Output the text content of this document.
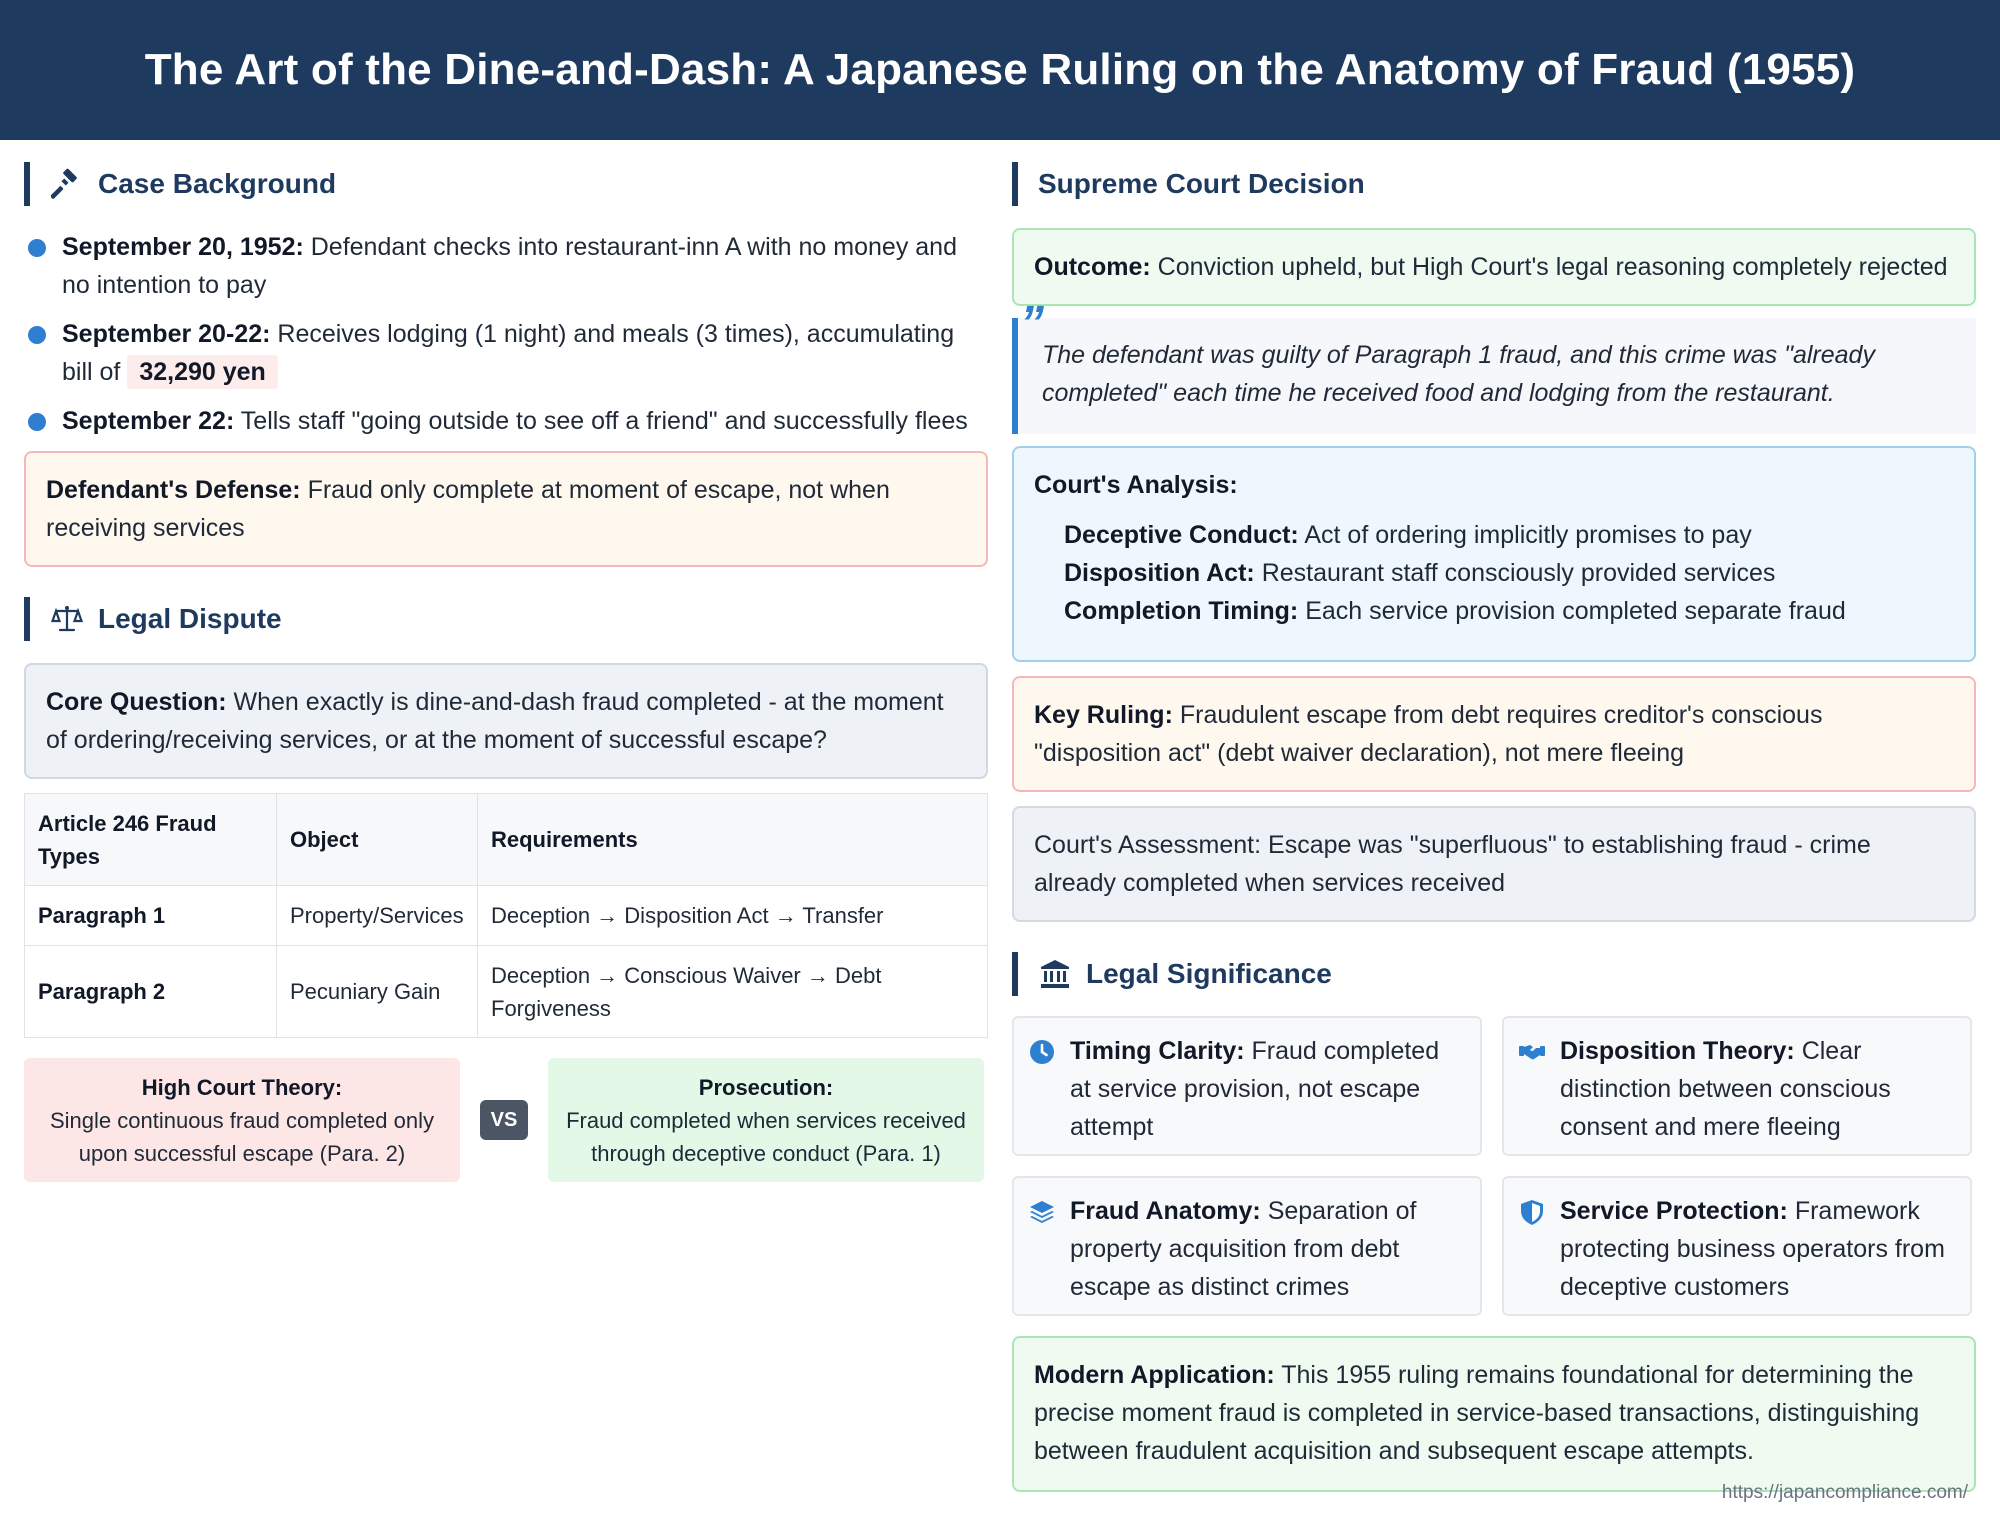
The Art of the Dine-and-Dash: A Japanese Ruling on the Anatomy of Fraud (1955)
Case Background
September 20, 1952: Defendant checks into restaurant-inn A with no money and no intention to pay
September 20-22: Receives lodging (1 night) and meals (3 times), accumulating bill of 32,290 yen
September 22: Tells staff "going outside to see off a friend" and successfully flees
Defendant's Defense: Fraud only complete at moment of escape, not when receiving services
Legal Dispute
Core Question: When exactly is dine-and-dash fraud completed - at the moment of ordering/receiving services, or at the moment of successful escape?
Article 246 Fraud Types	Object	Requirements
Paragraph 1	Property/Services	Deception → Disposition Act → Transfer
Paragraph 2	Pecuniary Gain	Deception → Conscious Waiver → Debt Forgiveness
High Court Theory:
Single continuous fraud completed only upon successful escape (Para. 2)
VS
Prosecution:
Fraud completed when services received through deceptive conduct (Para. 1)
Supreme Court Decision
Outcome: Conviction upheld, but High Court's legal reasoning completely rejected
”
The defendant was guilty of Paragraph 1 fraud, and this crime was "already completed" each time he received food and lodging from the restaurant.
Court's Analysis:
Deceptive Conduct: Act of ordering implicitly promises to pay
Disposition Act: Restaurant staff consciously provided services
Completion Timing: Each service provision completed separate fraud
Key Ruling: Fraudulent escape from debt requires creditor's conscious "disposition act" (debt waiver declaration), not mere fleeing
Court's Assessment: Escape was "superfluous" to establishing fraud - crime already completed when services received
Legal Significance
Timing Clarity: Fraud completed at service provision, not escape attempt
Disposition Theory: Clear distinction between conscious consent and mere fleeing
Fraud Anatomy: Separation of property acquisition from debt escape as distinct crimes
Service Protection: Framework protecting business operators from deceptive customers
Modern Application: This 1955 ruling remains foundational for determining the precise moment fraud is completed in service-based transactions, distinguishing between fraudulent acquisition and subsequent escape attempts.
https://japancompliance.com/
